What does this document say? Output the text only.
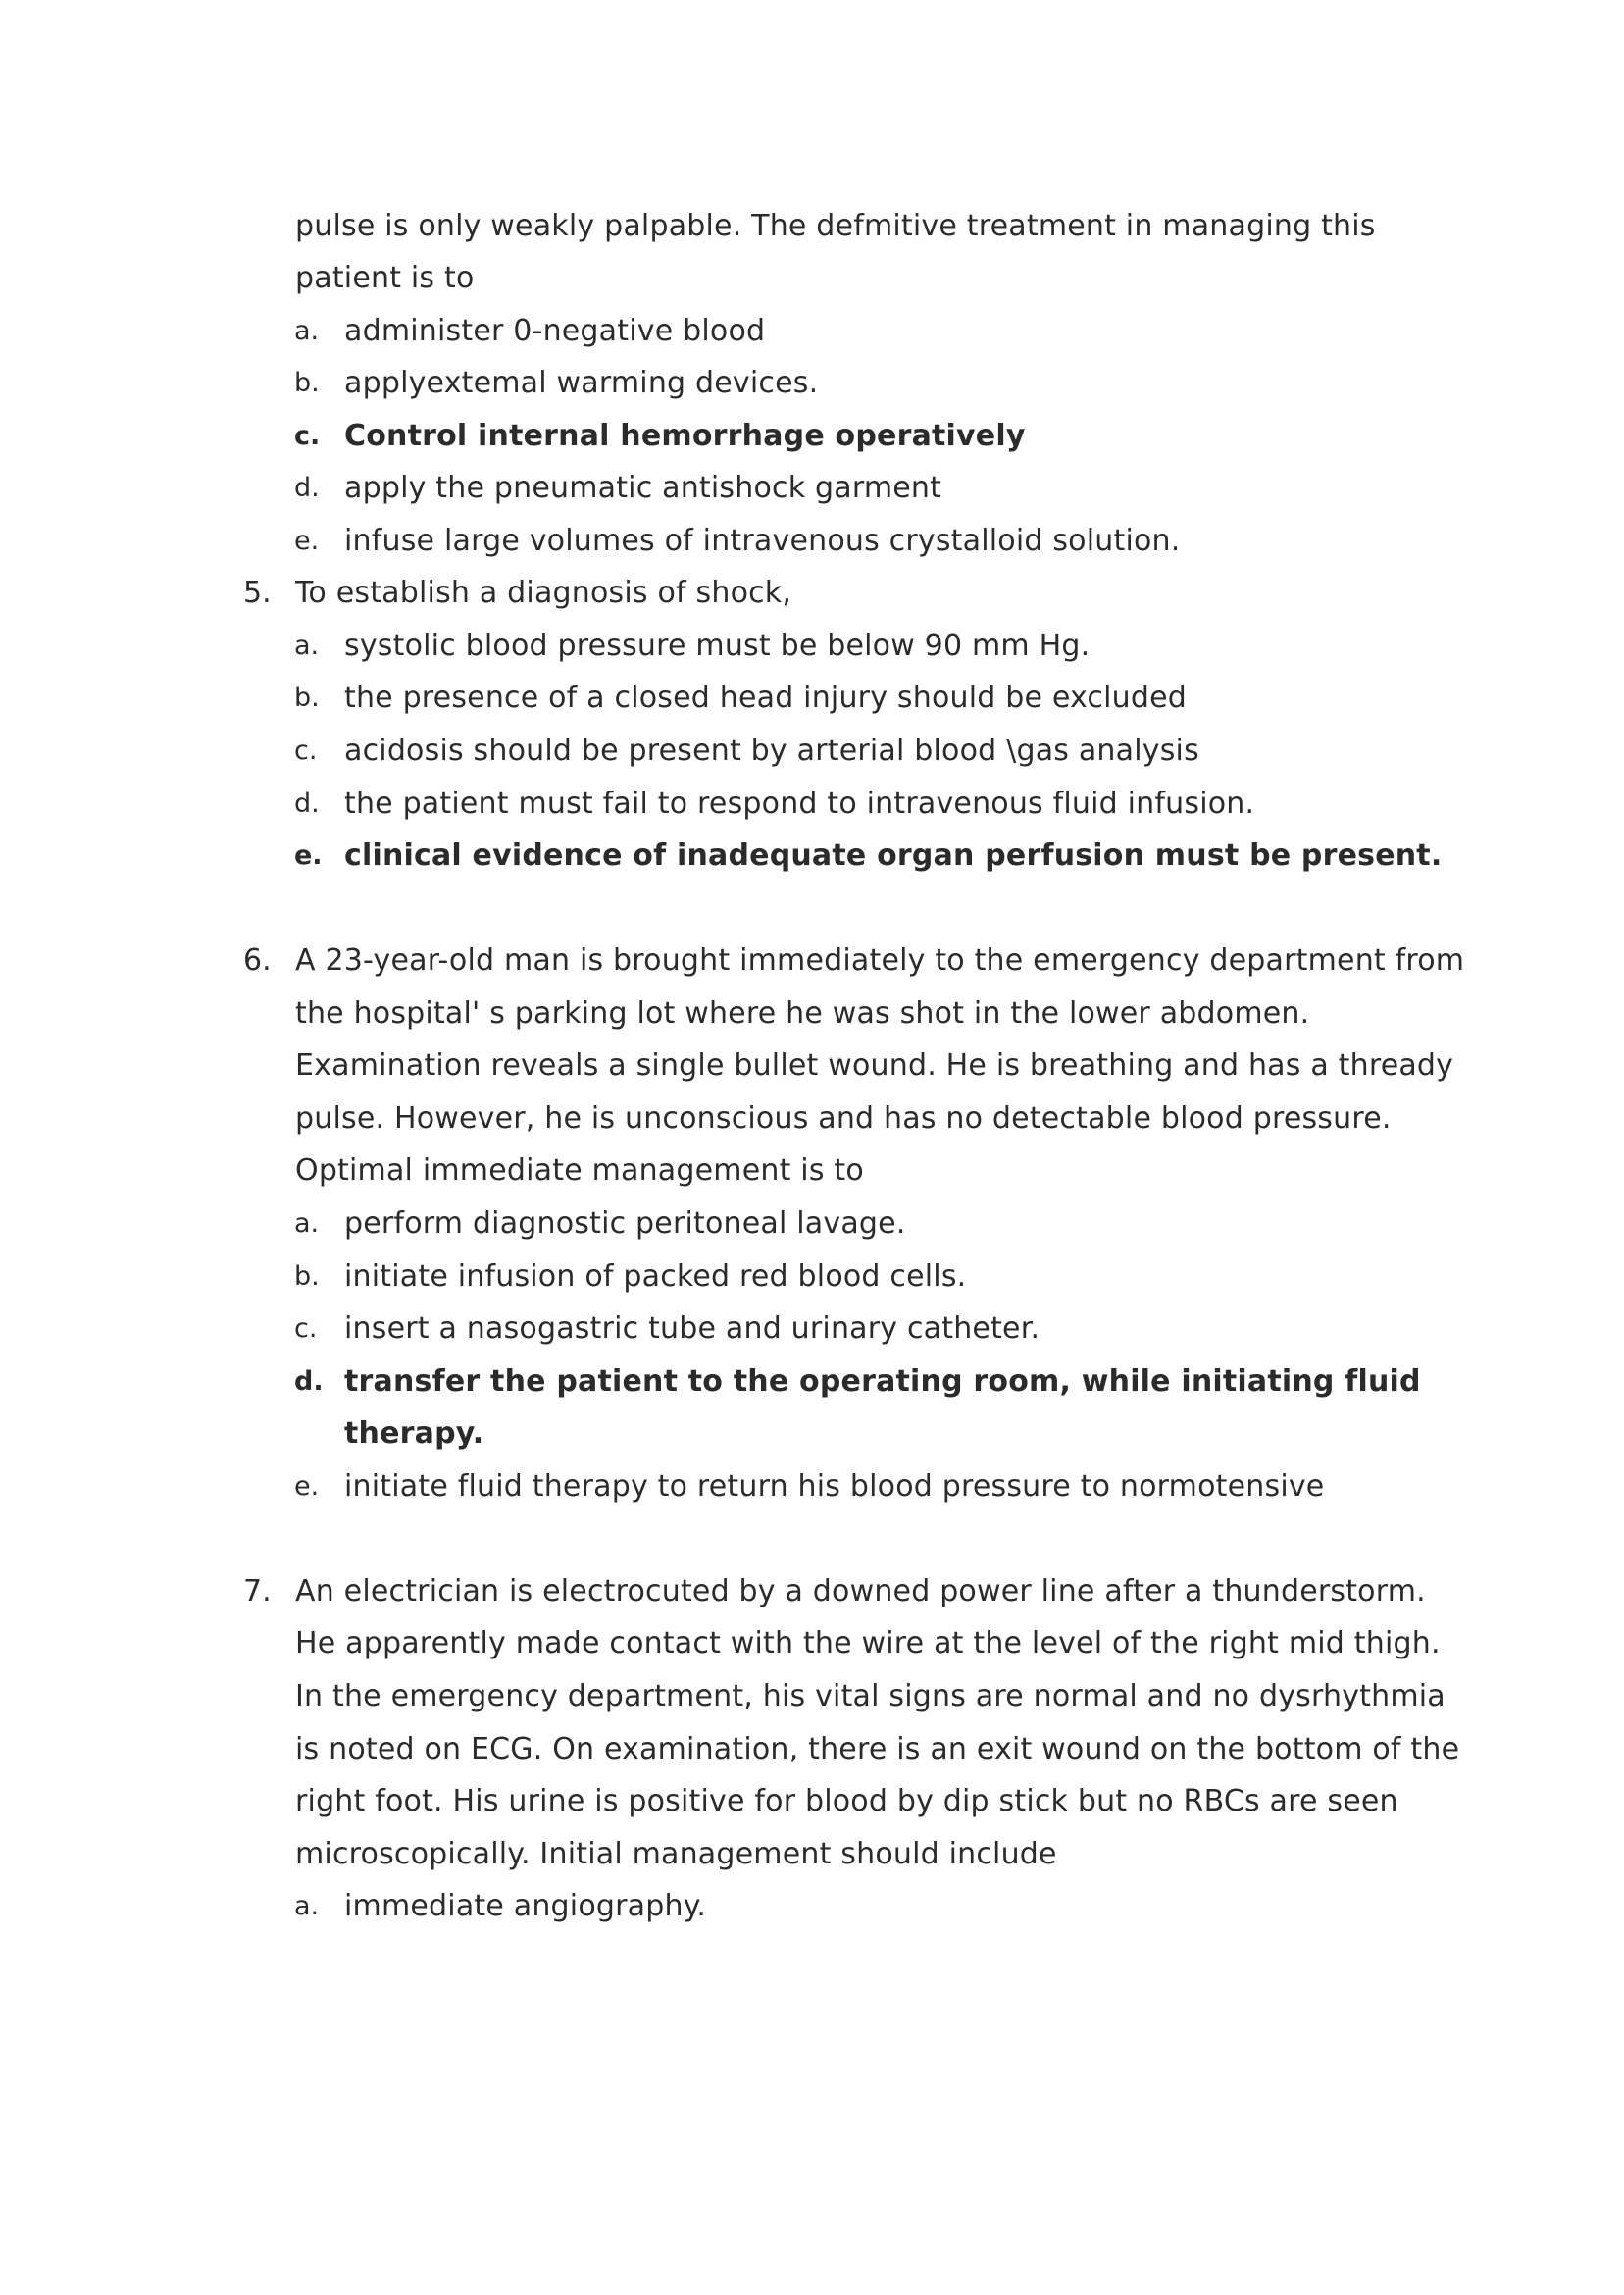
pulse is only weakly palpable. The defmitive treatment in managing this
patient is to
a. administer 0-negative blood
b. applyextemal warming devices.
c. Control internal hemorrhage operatively
d. apply the pneumatic antishock garment
e. infuse large volumes of intravenous crystalloid solution.
5. To establish a diagnosis of shock,
a. systolic blood pressure must be below 90 mm Hg.
b. the presence of a closed head injury should be excluded
c. acidosis should be present by arterial blood \gas analysis
d. the patient must fail to respond to intravenous fluid infusion.
e. clinical evidence of inadequate organ perfusion must be present.
6. A 23-year-old man is brought immediately to the emergency department from
the hospital' s parking lot where he was shot in the lower abdomen.
Examination reveals a single bullet wound. He is breathing and has a thready
pulse. However, he is unconscious and has no detectable blood pressure.
Optimal immediate management is to
a. perform diagnostic peritoneal lavage.
b. initiate infusion of packed red blood cells.
c. insert a nasogastric tube and urinary catheter.
d. transfer the patient to the operating room, while initiating fluid
therapy.
e. initiate fluid therapy to return his blood pressure to normotensive
7. An electrician is electrocuted by a downed power line after a thunderstorm.
He apparently made contact with the wire at the level of the right mid thigh.
In the emergency department, his vital signs are normal and no dysrhythmia
is noted on ECG. On examination, there is an exit wound on the bottom of the
right foot. His urine is positive for blood by dip stick but no RBCs are seen
microscopically. Initial management should include
a. immediate angiography.
